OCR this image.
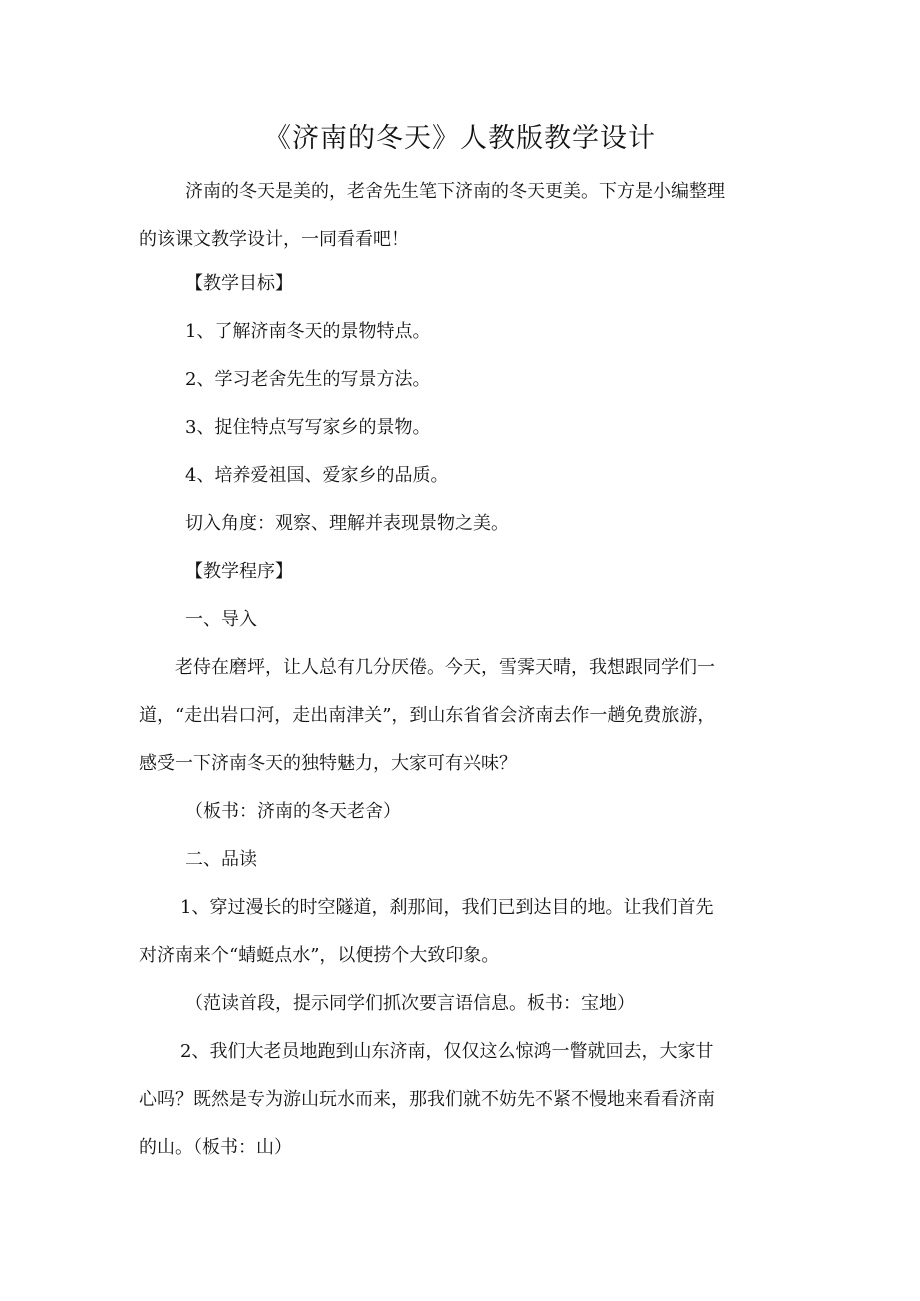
《济南的冬天》人教版教学设计
济南的冬天是美的，老舍先生笔下济南的冬天更美。下方是小编整理
的该课文教学设计，一同看看吧！
【教学目标】
1、了解济南冬天的景物特点。
2、学习老舍先生的写景方法。
3、捉住特点写写家乡的景物。
4、培养爱祖国、爱家乡的品质。
切入角度：观察、理解并表现景物之美。
【教学程序】
一、导入
老侍在磨坪，让人总有几分厌倦。今天，雪霁天晴，我想跟同学们一
道，“走出岩口河，走出南津关”，到山东省省会济南去作一趟免费旅游，
感受一下济南冬天的独特魅力，大家可有兴味？
（板书：济南的冬天老舍）
二、品读
1、穿过漫长的时空隧道，刹那间，我们已到达目的地。让我们首先
对济南来个“蜻蜓点水”，以便捞个大致印象。
（范读首段，提示同学们抓次要言语信息。板书：宝地）
2、我们大老员地跑到山东济南，仅仅这么惊鸿一瞥就回去，大家甘
心吗？既然是专为游山玩水而来，那我们就不妨先不紧不慢地来看看济南
的山。（板书：山）
